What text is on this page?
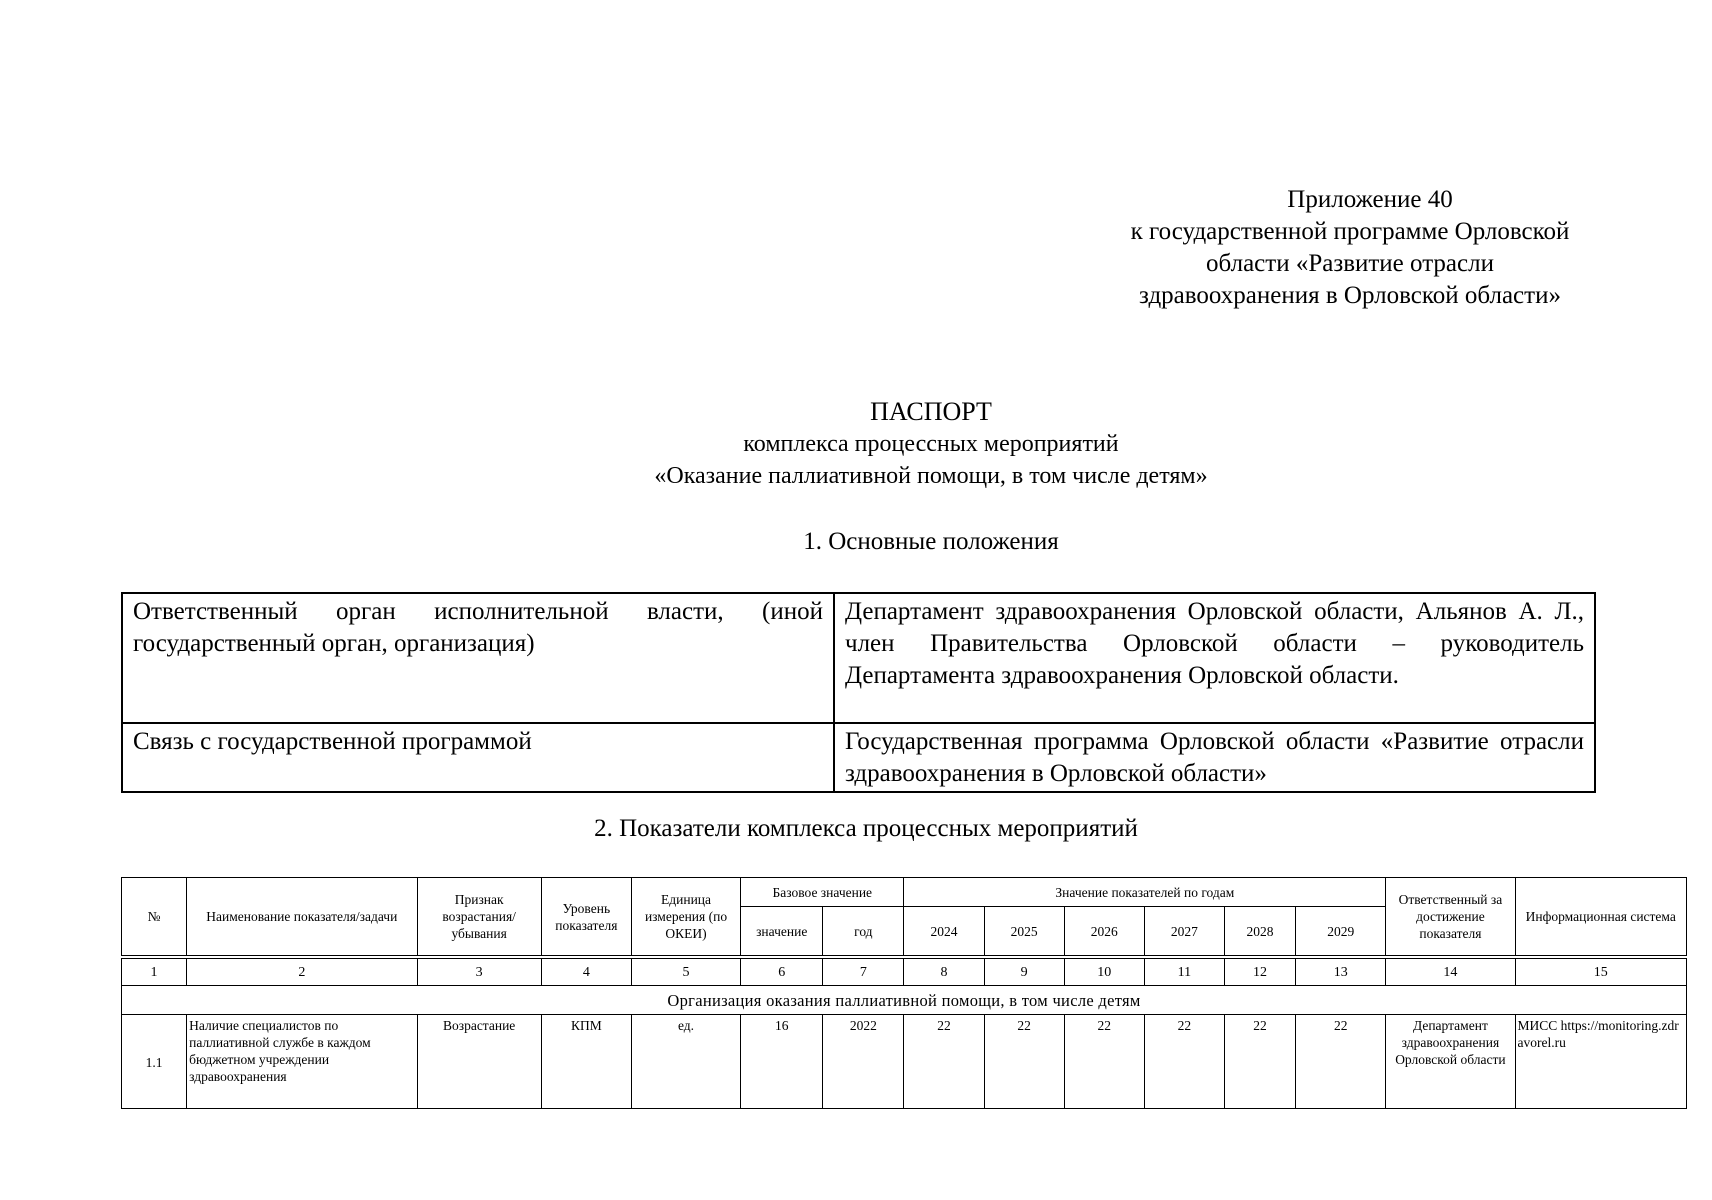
Приложение 40
к государственной программе Орловской
области «Развитие отрасли
здравоохранения в Орловской области»
ПАСПОРТ
комплекса процессных мероприятий
«Оказание паллиативной помощи, в том числе детям»
1. Основные положения
Ответственный орган исполнительной власти, (иной государственный орган, организация)	Департамент здравоохранения Орловской области, Альянов А. Л., член Правительства Орловской области – руководитель Департамента здравоохранения Орловской области.
Связь с государственной программой	Государственная программа Орловской области «Развитие отрасли здравоохранения в Орловской области»
2. Показатели комплекса процессных мероприятий
№	Наименование показателя/задачи	Признак возрастания/ убывания	Уровень показателя	Единица измерения (по ОКЕИ)	Базовое значение		Значение показателей по годам						Ответственный за достижение показателя	Информационная система
					значение	год	2024	2025	2026	2027	2028	2029		

1	2	3	4	5	6	7	8	9	10	11	12	13	14	15
Организация оказания паллиативной помощи, в том числе детям														
1.1	Наличие специалистов по паллиативной службе в каждом бюджетном учреждении здравоохранения	Возрастание	КПМ	ед.	16	2022	22	22	22	22	22	22	Департамент здравоохранения Орловской области	МИСС https://monitoring.zdravorel.ru
